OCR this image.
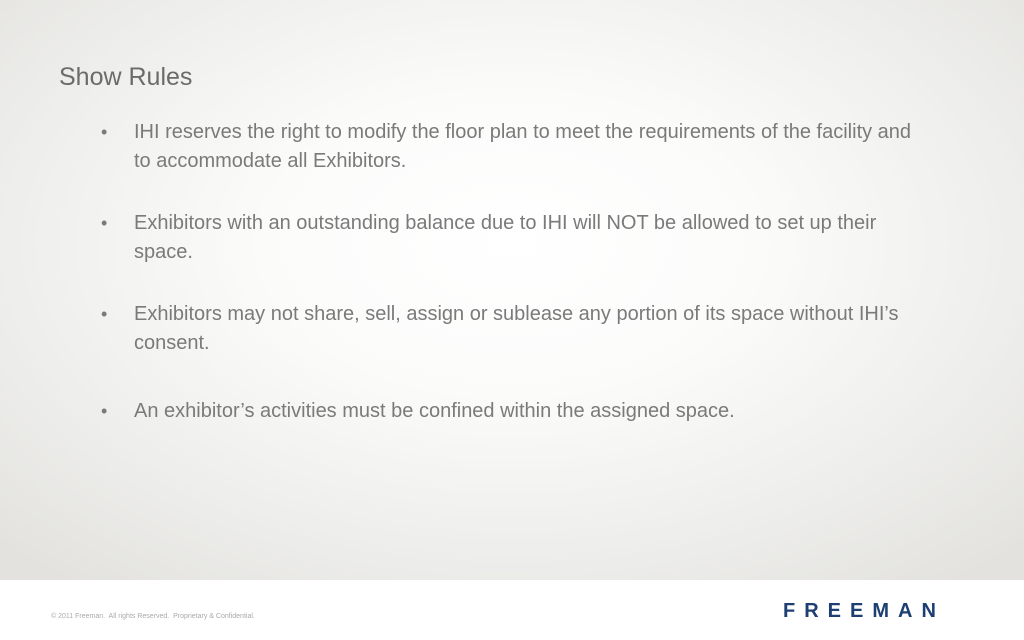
Show Rules
•	IHI reserves the right to modify the floor plan to meet the requirements of the facility and to accommodate all Exhibitors.
•	Exhibitors with an outstanding balance due to IHI will NOT be allowed to set up their space.
•	Exhibitors may not share, sell, assign or sublease any portion of its space without IHI’s consent.
•	An exhibitor’s activities must be confined within the assigned space.
© 2011 Freeman.  All rights Reserved.  Proprietary & Confidential.	FREEMAN
